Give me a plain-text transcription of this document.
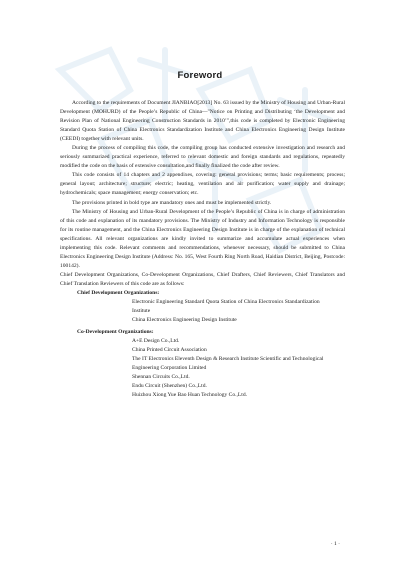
Foreword

According to the requirements of Document JIANBIAO[2013] No. 63 issued by the Ministry of Housing and Urban-Rural Development (MOHURD) of the People’s Republic of China—"Notice on Printing and Distributing ‘the Development and Revision Plan of National Engineering Construction Standards in 2010’",this code is completed by Electronic Engineering Standard Quota Station of China Electronics Standardization Institute and China Electronics Engineering Design Institute (CEEDI) together with relevant units.

During the process of compiling this code, the compiling group has conducted extensive investigation and research and seriously summarized practical experience, referred to relevant domestic and foreign standards and regulations, repeatedly modified the code on the basis of extensive consultation,and finally finalized the code after review.

This code consists of 14 chapters and 2 appendixes, covering: general provisions; terms; basic requirements; process; general layout; architecture; structure; electric; heating, ventilation and air purification; water supply and drainage; hydrochemicals; space management; energy conservation; etc.

The provisions printed in bold type are mandatory ones and must be implemented strictly.

The Ministry of Housing and Urban-Rural Development of the People’s Republic of China is in charge of administration of this code and explanation of its mandatory provisions. The Ministry of Industry and Information Technology is responsible for its routine management, and the China Electronics Engineering Design Institute is in charge of the explanation of technical specifications. All relevant organizations are kindly invited to summarize and accumulate actual experiences when implementing this code. Relevant comments and recommendations, whenever necessary, should be submitted to China Electronics Engineering Design Institute (Address: No. 165, West Fourth Ring North Road, Haidian District, Beijing, Postcode: 100142).

Chief Development Organizations, Co-Development Organizations, Chief Drafters, Chief Reviewers, Chief Translators and Chief Translation Reviewers of this code are as follows:

Chief Development Organizations:

Electronic Engineering Standard Quota Station of China Electronics Standardization

Institute

China Electronics Engineering Design Institute

Co-Development Organizations:

A+E Design Co.,Ltd.

China Printed Circuit Association

The IT Electronics Eleventh Design & Research Institute Scientific and Technological

Engineering Corporation Limited

Shennan Circuits Co.,Ltd.

Endu Circuit (Shenzhen) Co.,Ltd.

Huizhou Xiong Yue Bao Huan Technology Co.,Ltd.

· 1 ·
